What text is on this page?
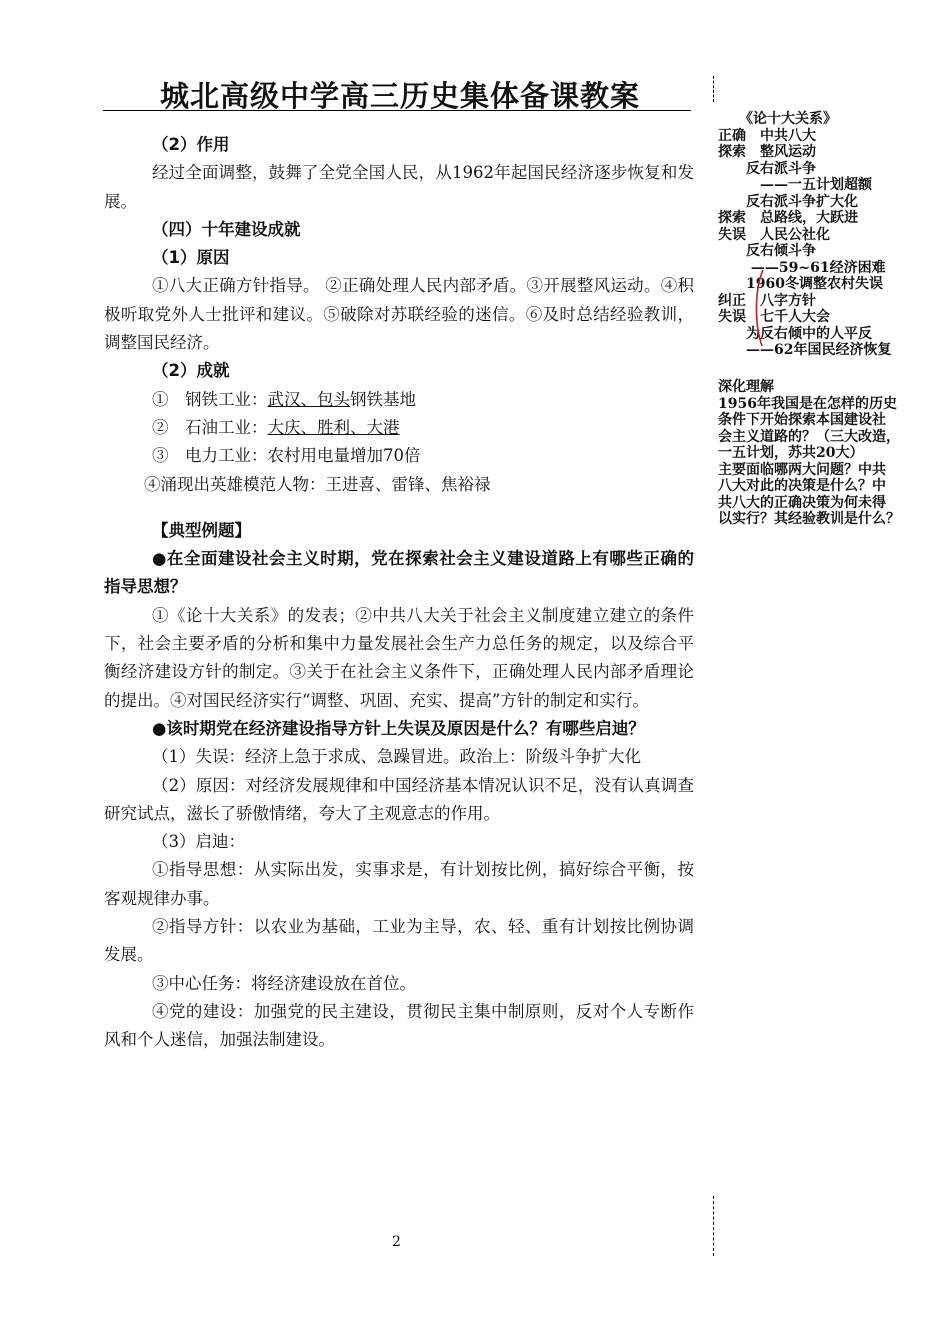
城北高级中学高三历史集体备课教案

（2）作用

经过全面调整，鼓舞了全党全国人民，从1962年起国民经济逐步恢复和发展。

（四）十年建设成就

（1）原因

①八大正确方针指导。 ②正确处理人民内部矛盾。③开展整风运动。④积极听取党外人士批评和建议。⑤破除对苏联经验的迷信。⑥及时总结经验教训，调整国民经济。

（2）成就

①　钢铁工业：武汉、包头钢铁基地

②　石油工业：大庆、胜利、大港

③　电力工业：农村用电量增加70倍

④涌现出英雄模范人物：王进喜、雷锋、焦裕禄

【典型例题】

●在全面建设社会主义时期，党在探索社会主义建设道路上有哪些正确的指导思想？

①《论十大关系》的发表；②中共八大关于社会主义制度建立建立的条件下，社会主要矛盾的分析和集中力量发展社会生产力总任务的规定，以及综合平衡经济建设方针的制定。③关于在社会主义条件下，正确处理人民内部矛盾理论的提出。④对国民经济实行“调整、巩固、充实、提高”方针的制定和实行。

●该时期党在经济建设指导方针上失误及原因是什么？有哪些启迪？

（1）失误：经济上急于求成、急躁冒进。政治上：阶级斗争扩大化

（2）原因：对经济发展规律和中国经济基本情况认识不足，没有认真调查研究试点，滋长了骄傲情绪，夸大了主观意志的作用。

（3）启迪：

①指导思想：从实际出发，实事求是，有计划按比例，搞好综合平衡，按客观规律办事。

②指导方针：以农业为基础，工业为主导，农、轻、重有计划按比例协调发展。

③中心任务：将经济建设放在首位。

④党的建设：加强党的民主建设，贯彻民主集中制原则，反对个人专断作风和个人迷信，加强法制建设。

　　《论十大关系》

正确　中共八大

探索　整风运动

　　反右派斗争

　　　——一五计划超额

　　反右派斗争扩大化

探索　总路线，大跃进

失误　人民公社化

　　反右倾斗争

　　 ——59~61经济困难

　　1960冬调整农村失误

纠正　八字方针

失误　七千人大会

　　为反右倾中的人平反

　　——62年国民经济恢复

深化理解

1956年我国是在怎样的历史

条件下开始探索本国建设社

会主义道路的？（三大改造，

一五计划，苏共20大）

主要面临哪两大问题？中共

八大对此的决策是什么？中

共八大的正确决策为何未得

以实行？其经验教训是什么？

2
